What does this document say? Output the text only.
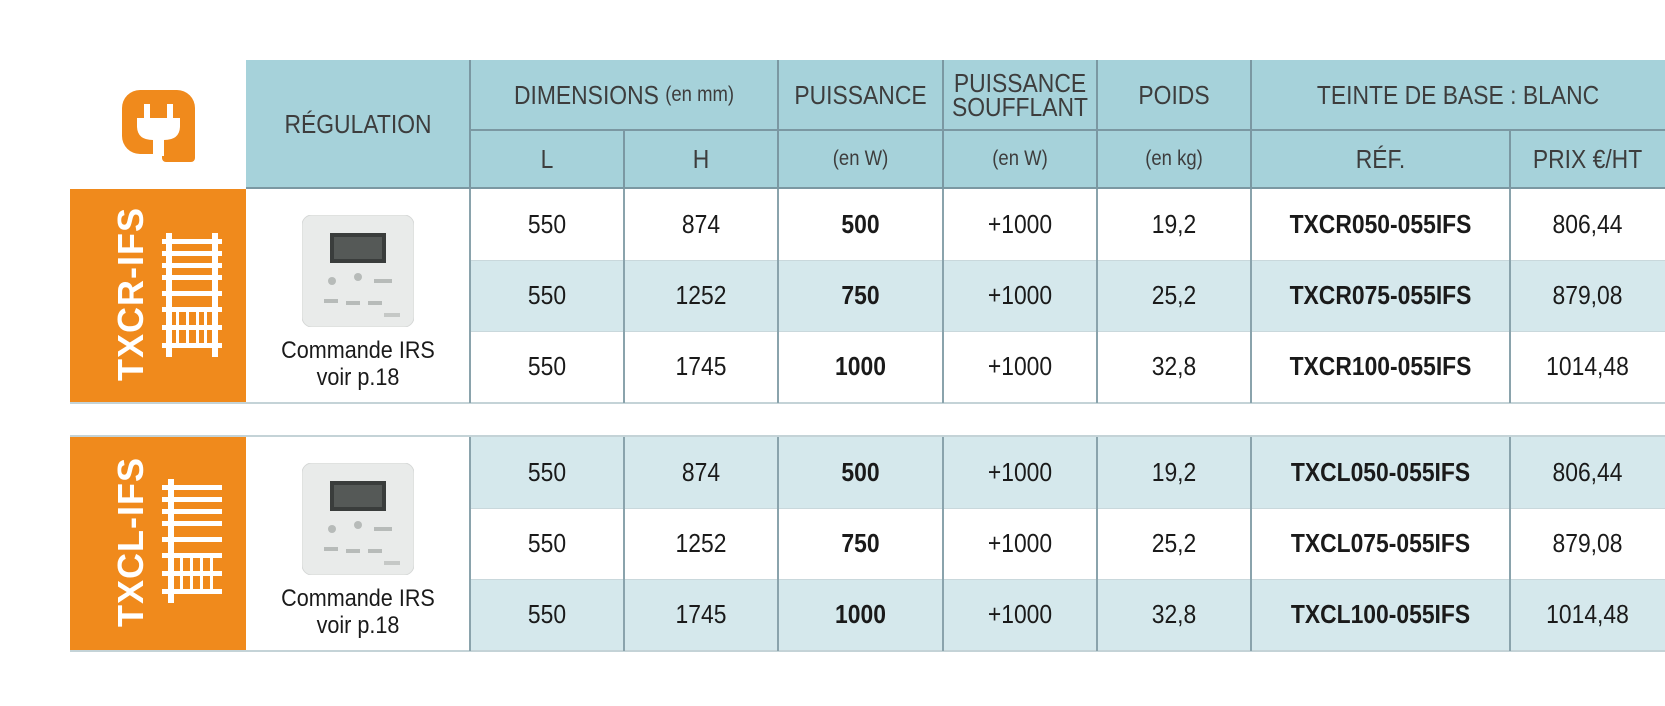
RÉGULATION
DIMENSIONS
(en mm)
L	H
PUISSANCE
(en W)
PUISSANCE
SOUFFLANT
(en W)
POIDS
(en kg)
TEINTE DE BASE : BLANC
RÉF.	PRIX €/HT
TXCR-IFS	Commande IRS
voir p.18
550	874	500	+1000	19,2	TXCR050-055IFS	806,44
550	1252	750	+1000	25,2	TXCR075-055IFS	879,08
550	1745	1000	+1000	32,8	TXCR100-055IFS	1014,48
TXCL-IFS	Commande IRS
voir p.18
550	874	500	+1000	19,2	TXCL050-055IFS	806,44
550	1252	750	+1000	25,2	TXCL075-055IFS	879,08
550	1745	1000	+1000	32,8	TXCL100-055IFS	1014,48
